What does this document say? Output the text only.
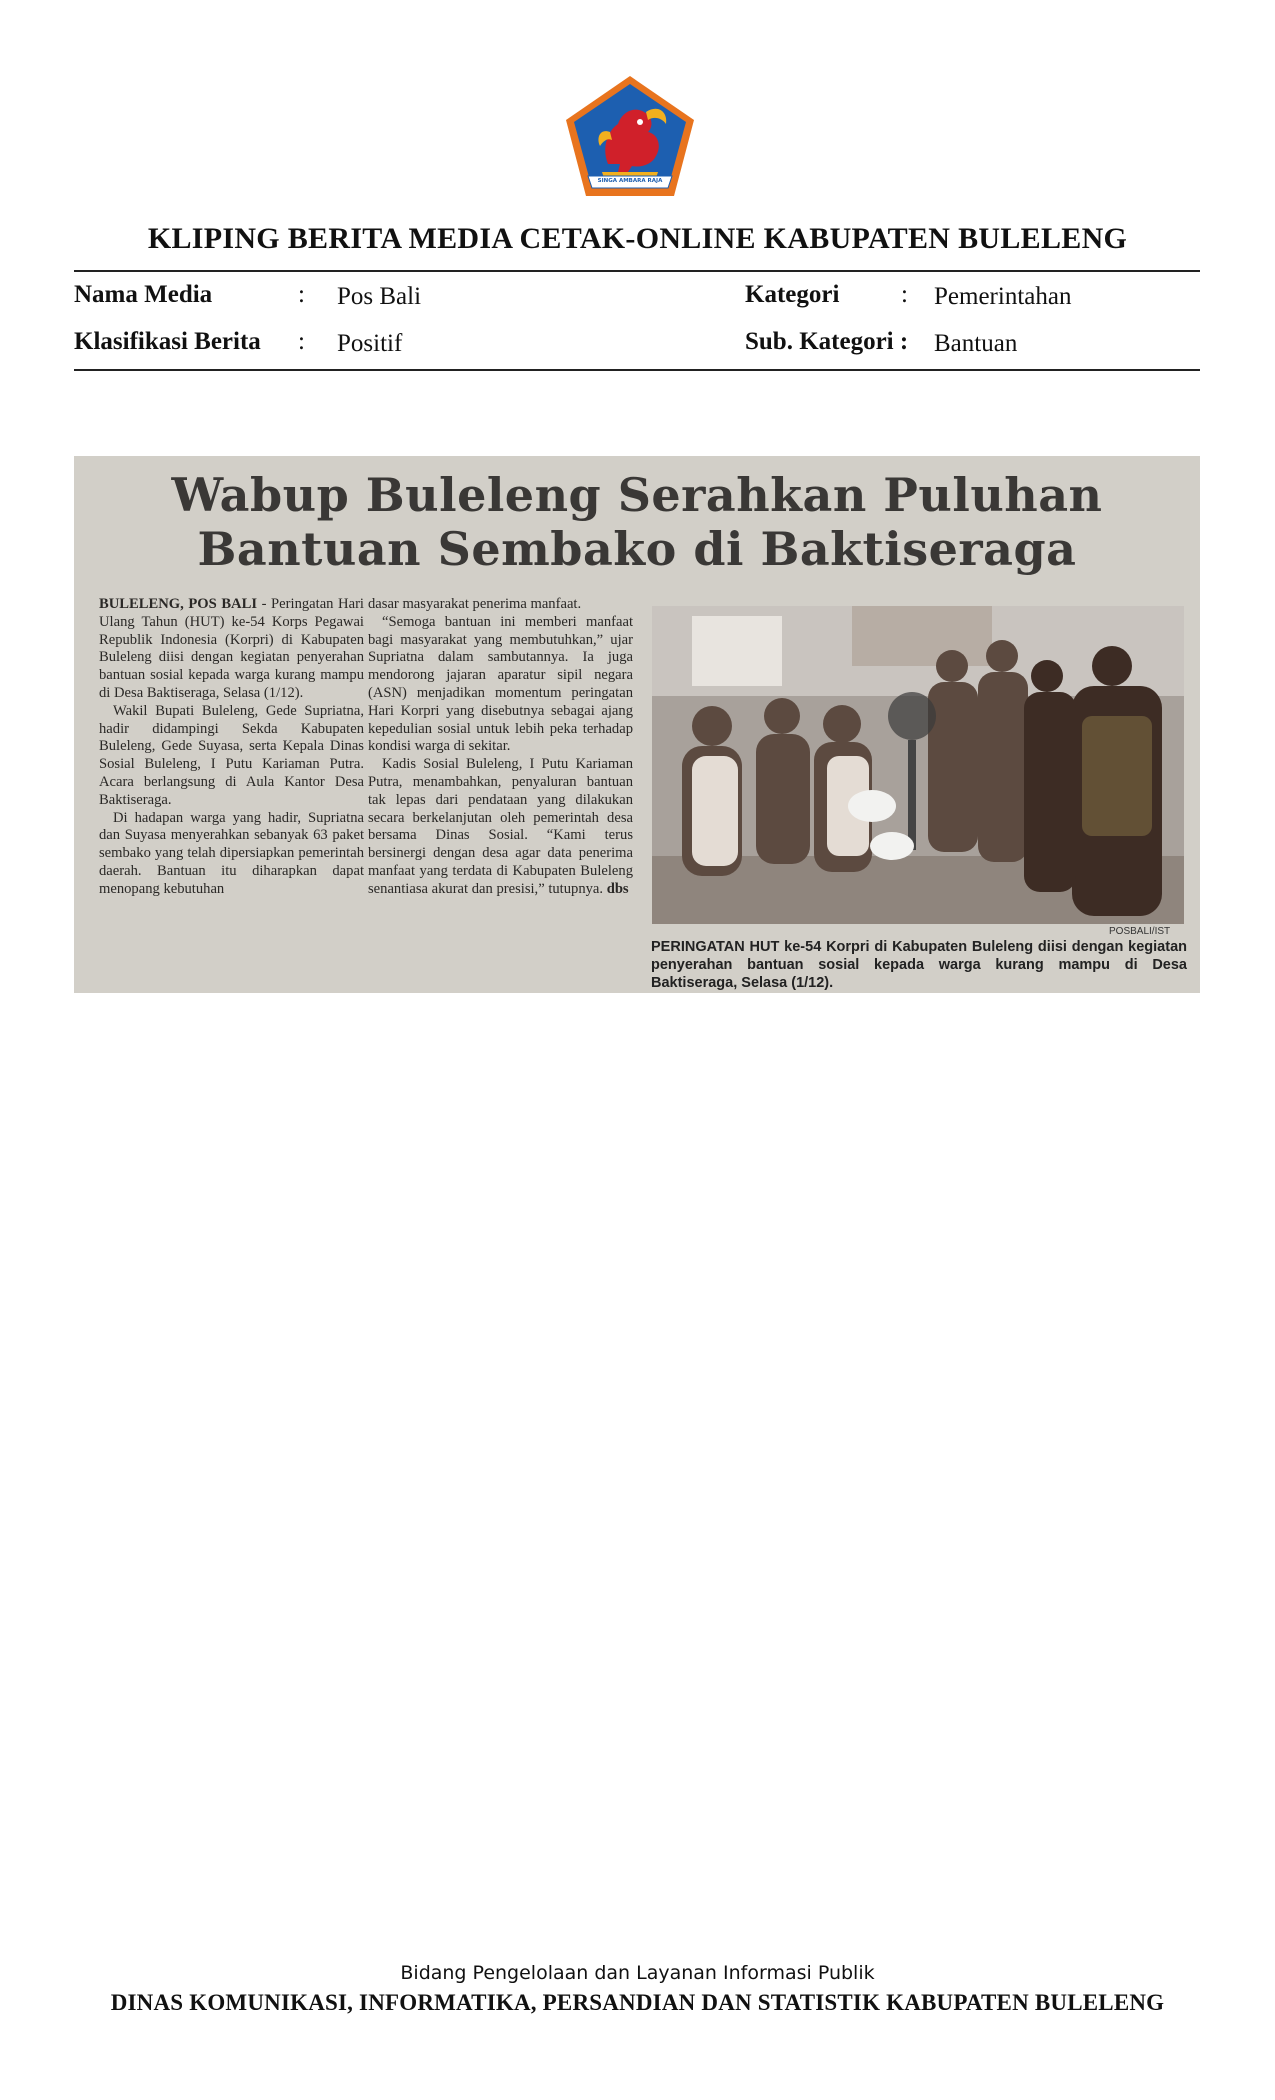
SINGA AMBARA RAJA
KLIPING BERITA MEDIA CETAK-ONLINE KABUPATEN BULELENG
Nama Media	: Pos Bali
Klasifikasi Berita : Positif
Kategori : Pemerintahan
Sub. Kategori : Bantuan
Wabup Buleleng Serahkan Puluhan
Bantuan Sembako di Baktiseraga

BULELENG, POS BALI - Peringatan Hari Ulang Tahun (HUT) ke-54 Korps Pegawai Republik Indonesia (Korpri) di Kabupaten Buleleng diisi dengan kegiatan penyerahan bantuan sosial kepada warga kurang mampu di Desa Baktiseraga, Selasa (1/12).

Wakil Bupati Buleleng, Gede Supriatna, hadir didampingi Sekda Kabupaten Buleleng, Gede Suyasa, serta Kepala Dinas Sosial Buleleng, I Putu Kariaman Putra. Acara berlangsung di Aula Kantor Desa Baktiseraga.

Di hadapan warga yang hadir, Supriatna dan Suyasa menyerahkan sebanyak 63 paket sembako yang telah dipersiapkan pemerintah daerah. Bantuan itu diharapkan dapat menopang kebutuhan

dasar masyarakat penerima manfaat.

“Semoga bantuan ini memberi manfaat bagi masyarakat yang membutuhkan,” ujar Supriatna dalam sambutannya. Ia juga mendorong jajaran aparatur sipil negara (ASN) menjadikan momentum peringatan Hari Korpri yang disebutnya sebagai ajang kepedulian sosial untuk lebih peka terhadap kondisi warga di sekitar.

Kadis Sosial Buleleng, I Putu Kariaman Putra, menambahkan, penyaluran bantuan tak lepas dari pendataan yang dilakukan secara berkelanjutan oleh pemerintah desa bersama Dinas Sosial. “Kami terus bersinergi dengan desa agar data penerima manfaat yang terdata di Kabupaten Buleleng senantiasa akurat dan presisi,” tutupnya. dbs

POSBALI/IST
PERINGATAN HUT ke-54 Korpri di Kabupaten Buleleng diisi dengan kegiatan penyerahan bantuan sosial kepada warga kurang mampu di Desa Baktiseraga, Selasa (1/12).
Bidang Pengelolaan dan Layanan Informasi Publik
DINAS KOMUNIKASI, INFORMATIKA, PERSANDIAN DAN STATISTIK KABUPATEN BULELENG
